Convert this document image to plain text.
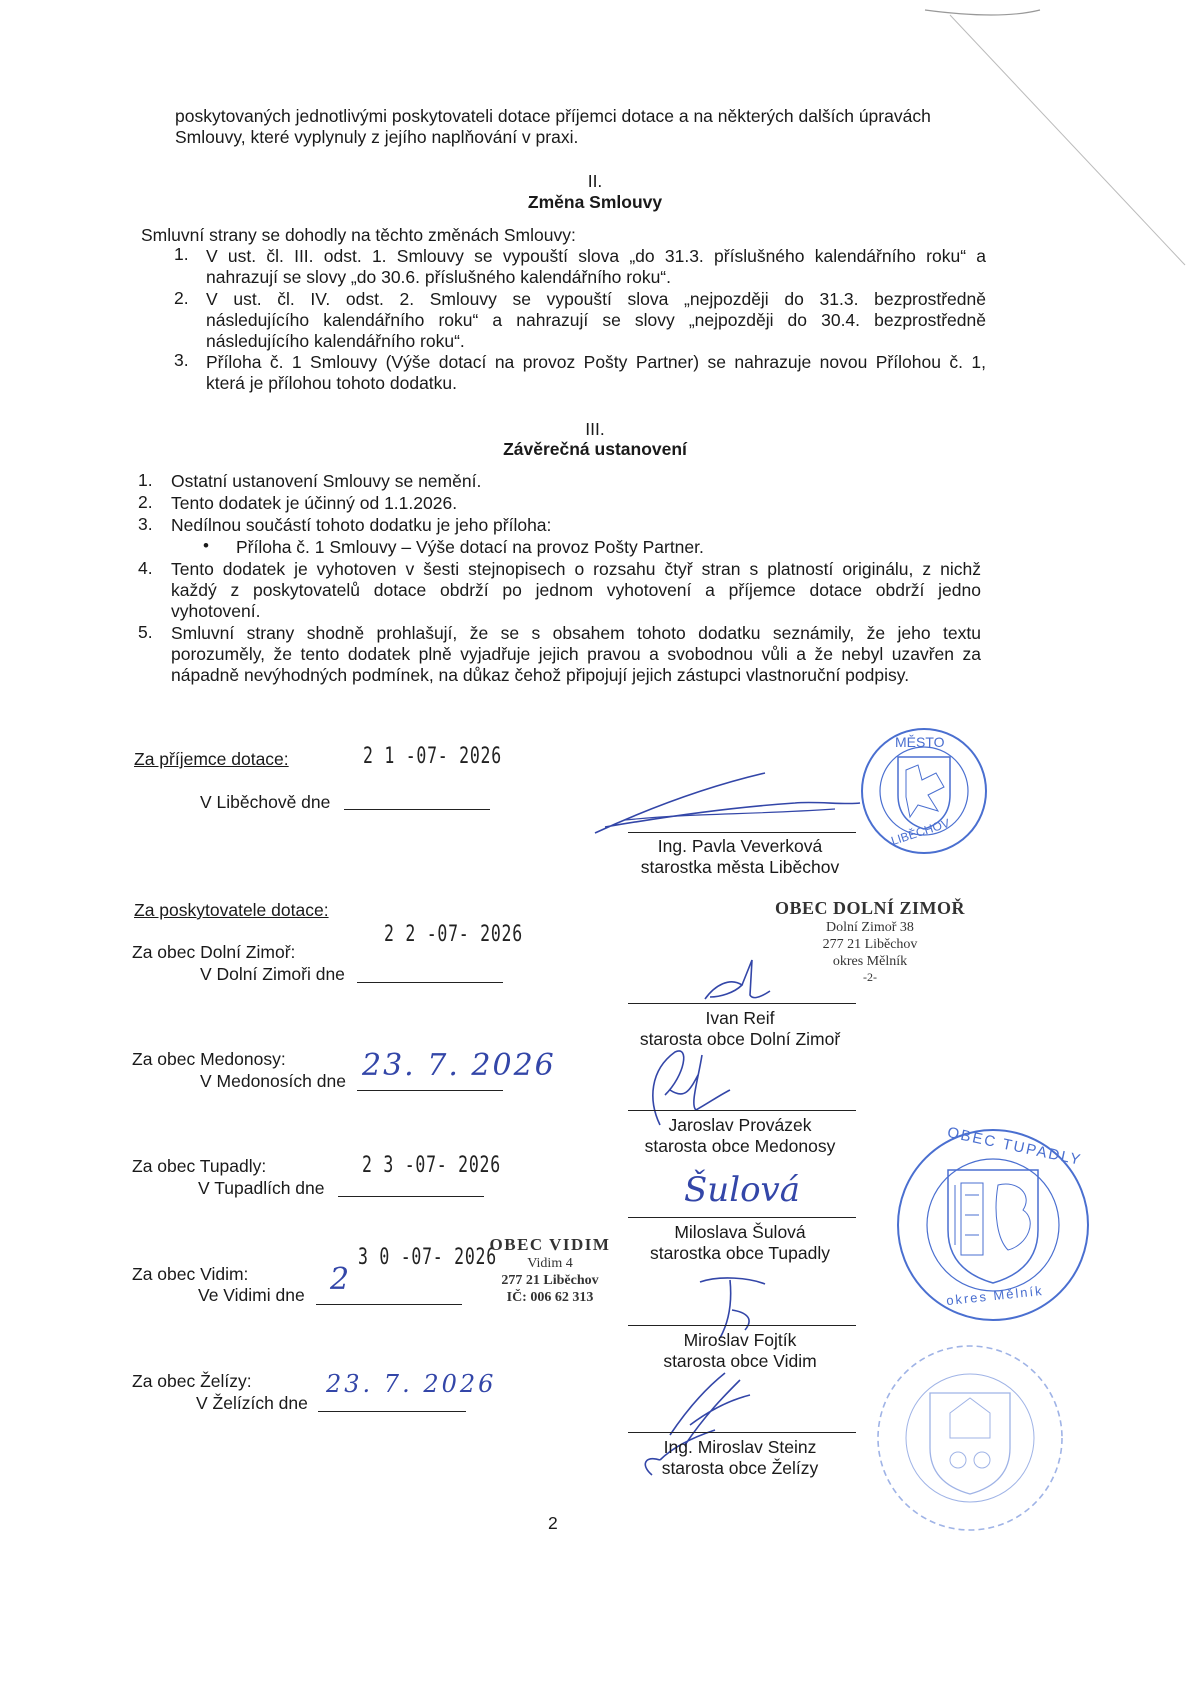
poskytovaných jednotlivými poskytovateli dotace příjemci dotace a na některých dalších úpravách
Smlouvy, které vyplynuly z jejího naplňování v praxi.
II.
Změna Smlouvy
Smluvní strany se dohodly na těchto změnách Smlouvy:
1. V ust. čl. III. odst. 1. Smlouvy se vypouští slova „do 31.3. příslušného kalendářního roku“ a
nahrazují se slovy „do 30.6. příslušného kalendářního roku“.
2. V ust. čl. IV. odst. 2. Smlouvy se vypouští slova „nejpozději do 31.3. bezprostředně
následujícího kalendářního roku“ a nahrazují se slovy „nejpozději do 30.4. bezprostředně
následujícího kalendářního roku“.
3. Příloha č. 1 Smlouvy (Výše dotací na provoz Pošty Partner) se nahrazuje novou Přílohou č. 1,
která je přílohou tohoto dodatku.
III.
Závěrečná ustanovení
1. Ostatní ustanovení Smlouvy se nemění.
2. Tento dodatek je účinný od 1.1.2026.
3. Nedílnou součástí tohoto dodatku je jeho příloha:
• Příloha č. 1 Smlouvy – Výše dotací na provoz Pošty Partner.
4. Tento dodatek je vyhotoven v šesti stejnopisech o rozsahu čtyř stran s platností originálu, z nichž
každý z poskytovatelů dotace obdrží po jednom vyhotovení a příjemce dotace obdrží jedno
vyhotovení.
5. Smluvní strany shodně prohlašují, že se s obsahem tohoto dodatku seznámily, že jeho textu
porozuměly, že tento dodatek plně vyjadřuje jejich pravou a svobodnou vůli a že nebyl uzavřen za
nápadně nevýhodných podmínek, na důkaz čehož připojují jejich zástupci vlastnoruční podpisy.
Za příjemce dotace:	2 1 -07- 2026
V Liběchově dne
Ing. Pavla Veverková
starostka města Liběchov
MĚSTO
LIBĚCHOV
Za poskytovatele dotace:
Za obec Dolní Zimoř:
2 2 -07- 2026
V Dolní Zimoři dne
OBEC DOLNÍ ZIMOŘ
Dolní Zimoř 38
277 21 Liběchov
okres Mělník
-2-
Ivan Reif
starosta obce Dolní Zimoř
Za obec Medonosy:
V Medonosích dne 23. 7. 2026
Jaroslav Provázek
starosta obce Medonosy
Za obec Tupadly:	2 3 -07- 2026
V Tupadlích dne	Šulová
Miloslava Šulová
starostka obce Tupadly
OBEC TUPADLY
okres Mělník
Za obec Vidim:
3 0 -07- 2026
2
Ve Vidimi dne
OBEC VIDIM
Vidim 4
277 21 Liběchov
IČ: 006 62 313
Miroslav Fojtík
starosta obce Vidim
Za obec Želízy:
V Želízích dne
23. 7. 2026
Ing. Miroslav Steinz
starosta obce Želízy
2
